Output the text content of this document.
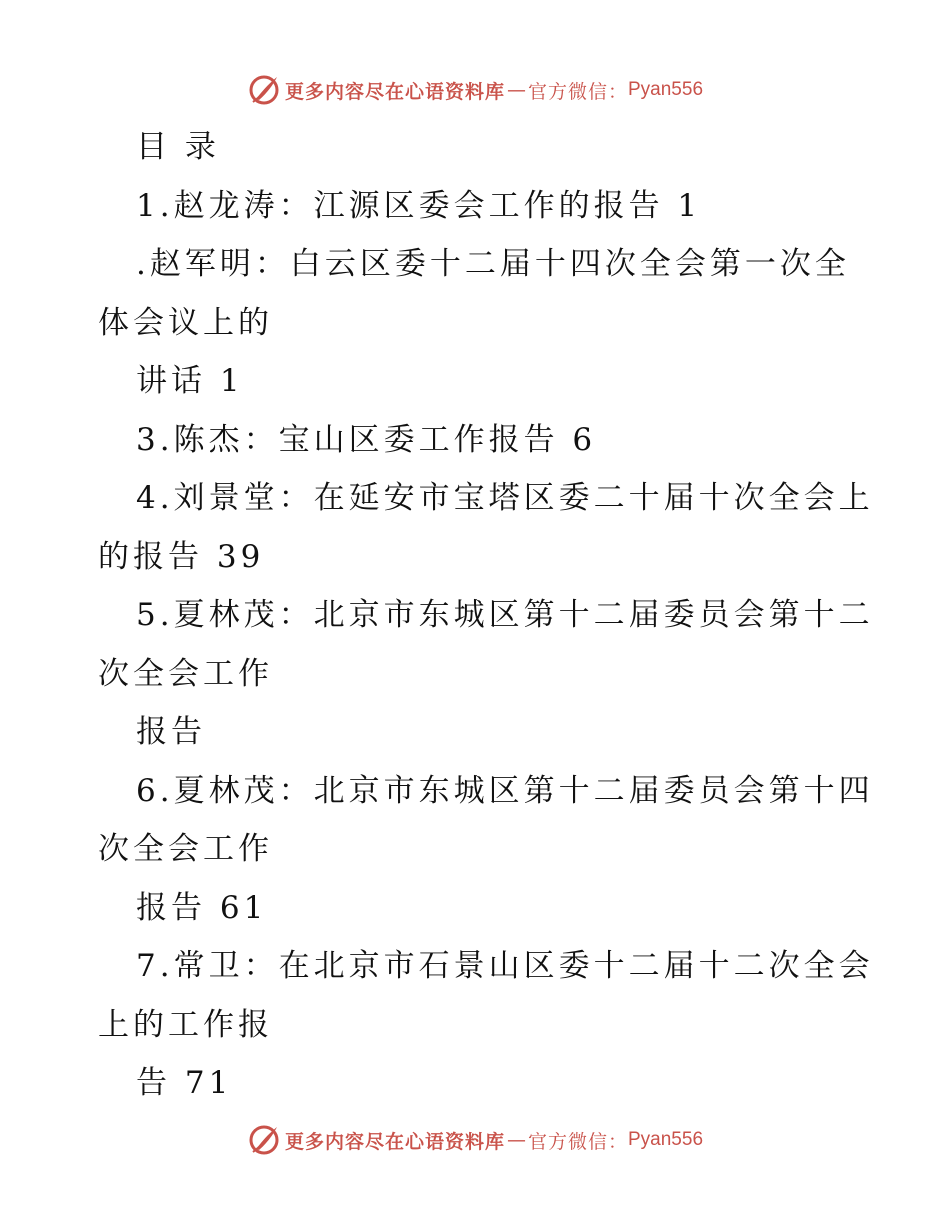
更多内容尽在心语资料库 — 官方微信： Pyan556
目 录
1.赵龙涛：江源区委会工作的报告 1
.赵军明：白云区委十二届十四次全会第一次全
体会议上的
讲话 1
3.陈杰：宝山区委工作报告 6
4.刘景堂：在延安市宝塔区委二十届十次全会上
的报告 39
5.夏林茂：北京市东城区第十二届委员会第十二
次全会工作
报告
6.夏林茂：北京市东城区第十二届委员会第十四
次全会工作
报告 61
7.常卫：在北京市石景山区委十二届十二次全会
上的工作报
告 71
更多内容尽在心语资料库 — 官方微信： Pyan556
